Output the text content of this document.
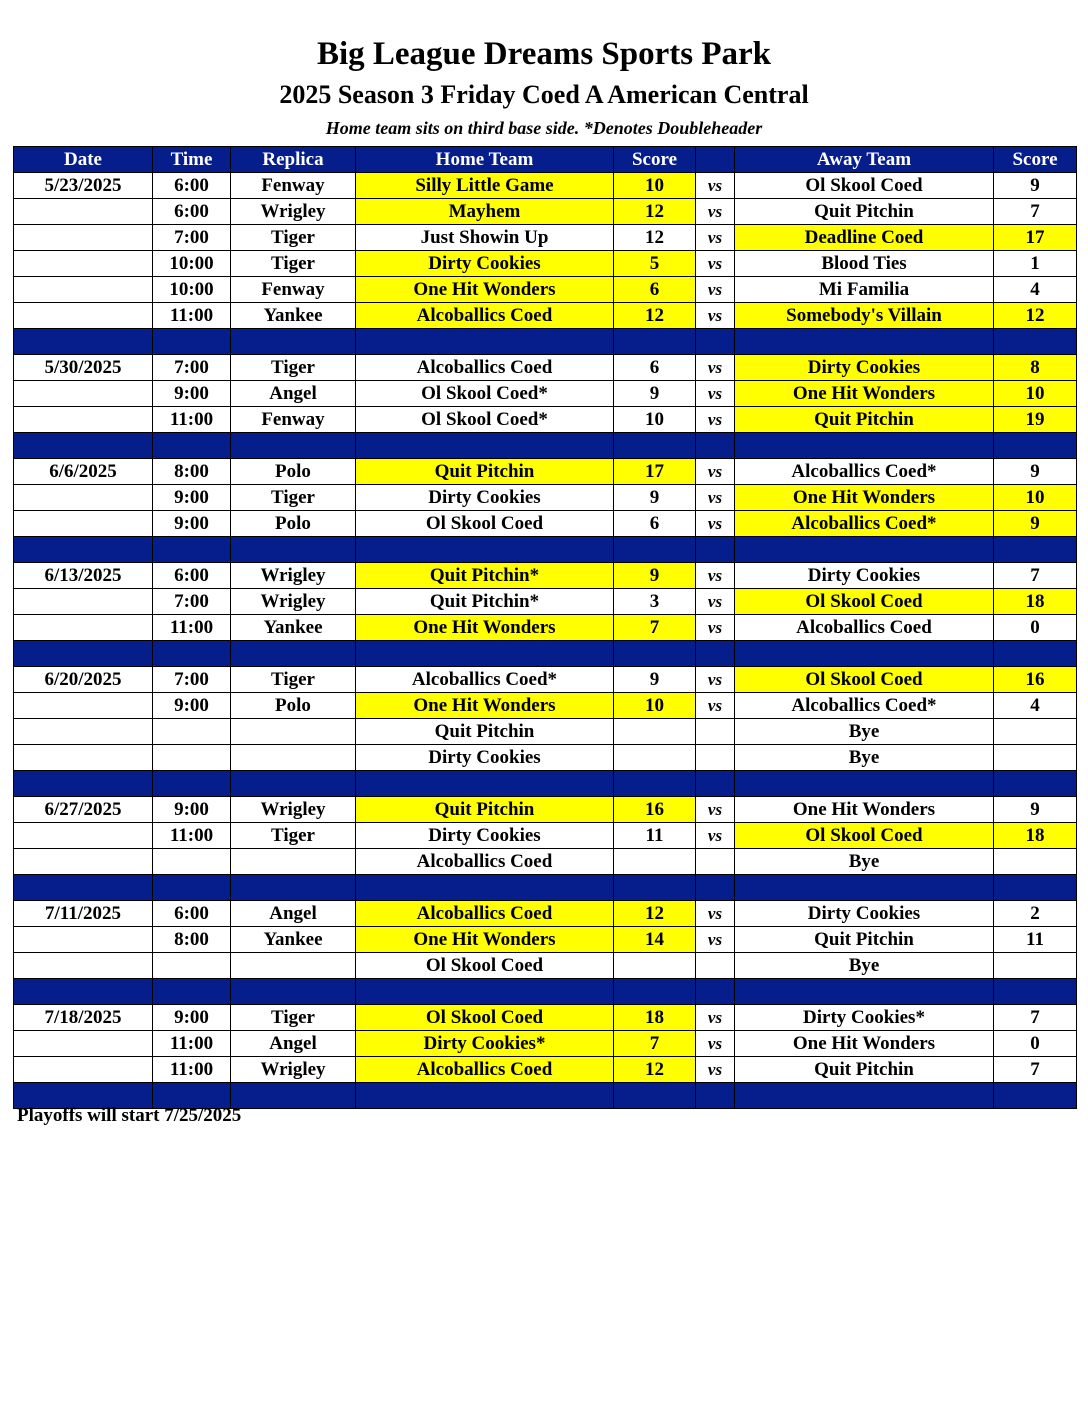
Big League Dreams Sports Park
2025 Season 3 Friday Coed A American Central
Home team sits on third base side. *Denotes Doubleheader
Date	Time	Replica	Home Team	Score		Away Team	Score
5/23/2025	6:00	Fenway	Silly Little Game	10	vs	Ol Skool Coed	9
	6:00	Wrigley	Mayhem	12	vs	Quit Pitchin	7
	7:00	Tiger	Just Showin Up	12	vs	Deadline Coed	17
	10:00	Tiger	Dirty Cookies	5	vs	Blood Ties	1
	10:00	Fenway	One Hit Wonders	6	vs	Mi Familia	4
	11:00	Yankee	Alcoballics Coed	12	vs	Somebody's Villain	12

5/30/2025	7:00	Tiger	Alcoballics Coed	6	vs	Dirty Cookies	8
	9:00	Angel	Ol Skool Coed*	9	vs	One Hit Wonders	10
	11:00	Fenway	Ol Skool Coed*	10	vs	Quit Pitchin	19

6/6/2025	8:00	Polo	Quit Pitchin	17	vs	Alcoballics Coed*	9
	9:00	Tiger	Dirty Cookies	9	vs	One Hit Wonders	10
	9:00	Polo	Ol Skool Coed	6	vs	Alcoballics Coed*	9

6/13/2025	6:00	Wrigley	Quit Pitchin*	9	vs	Dirty Cookies	7
	7:00	Wrigley	Quit Pitchin*	3	vs	Ol Skool Coed	18
	11:00	Yankee	One Hit Wonders	7	vs	Alcoballics Coed	0

6/20/2025	7:00	Tiger	Alcoballics Coed*	9	vs	Ol Skool Coed	16
	9:00	Polo	One Hit Wonders	10	vs	Alcoballics Coed*	4
			Quit Pitchin			Bye	
			Dirty Cookies			Bye	

6/27/2025	9:00	Wrigley	Quit Pitchin	16	vs	One Hit Wonders	9
	11:00	Tiger	Dirty Cookies	11	vs	Ol Skool Coed	18
			Alcoballics Coed			Bye	

7/11/2025	6:00	Angel	Alcoballics Coed	12	vs	Dirty Cookies	2
	8:00	Yankee	One Hit Wonders	14	vs	Quit Pitchin	11
			Ol Skool Coed			Bye	

7/18/2025	9:00	Tiger	Ol Skool Coed	18	vs	Dirty Cookies*	7
	11:00	Angel	Dirty Cookies*	7	vs	One Hit Wonders	0
	11:00	Wrigley	Alcoballics Coed	12	vs	Quit Pitchin	7

Playoffs will start 7/25/2025
